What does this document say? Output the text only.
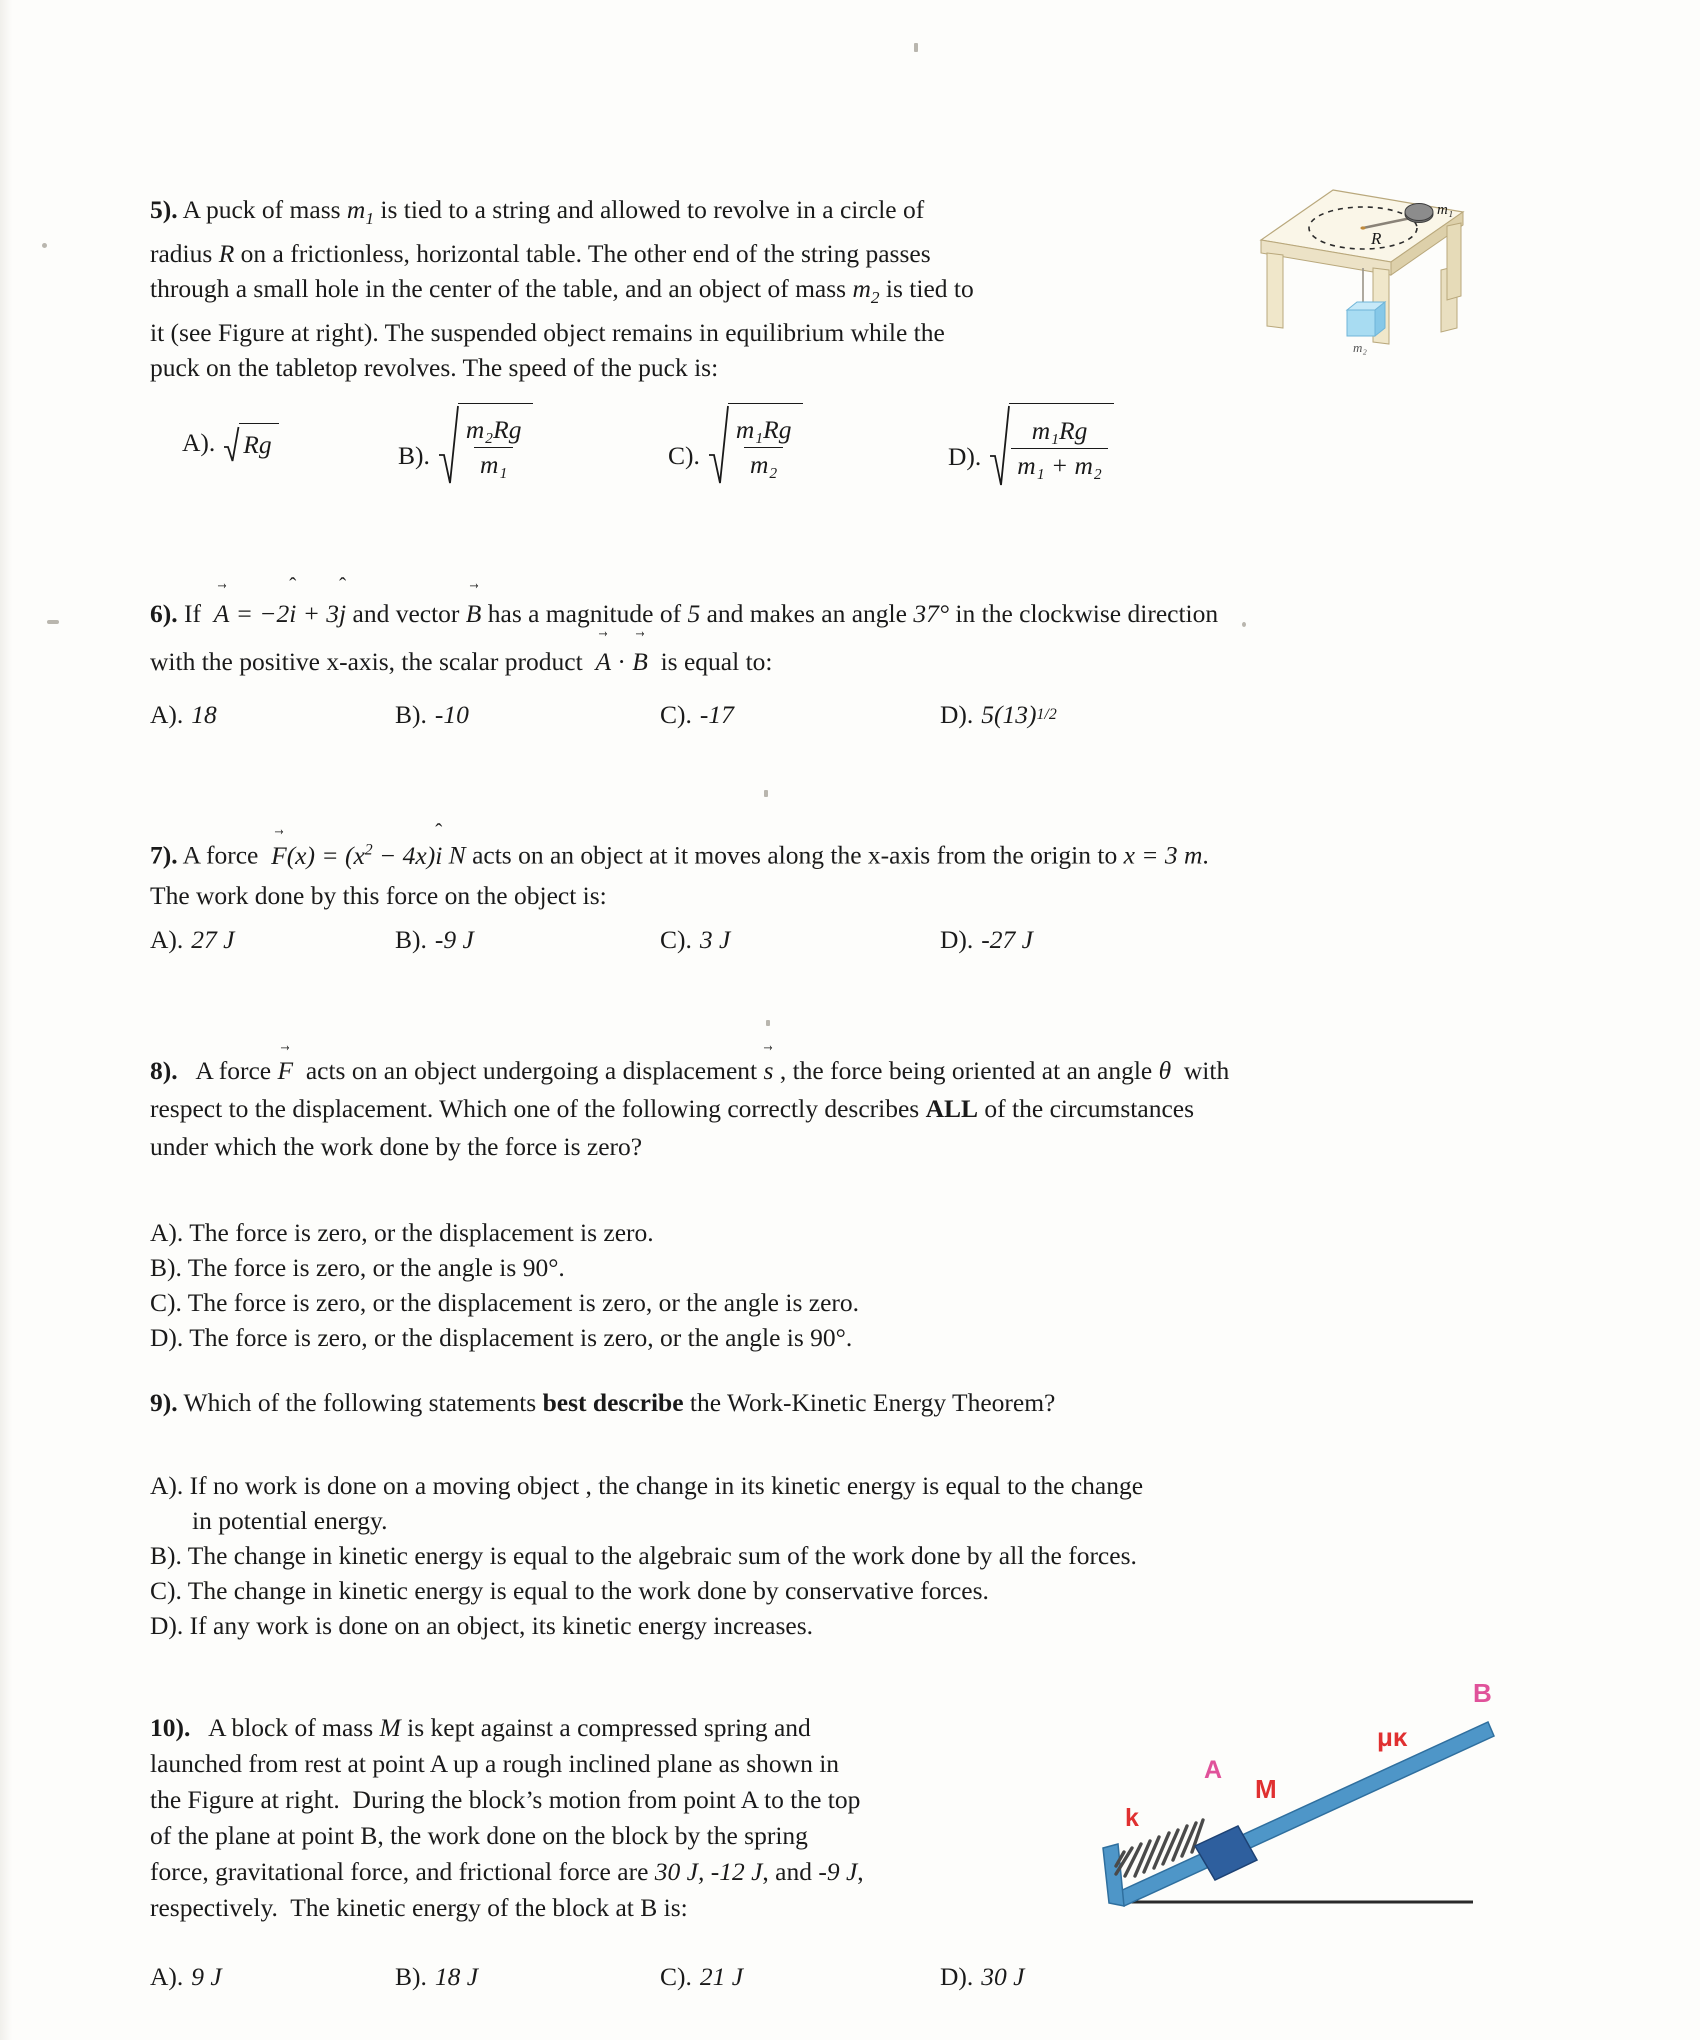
5). A puck of mass $m_1$ is tied to a string and allowed to revolve in a circle of
radius R on a frictionless, horizontal table. The other end of the string passes
through a small hole in the center of the table, and an object of mass $m_2$ is tied to
it (see Figure at right). The suspended object remains in equilibrium while the
puck on the tabletop revolves. The speed of the puck is:
A). Rg	B). $\frac{\text{m₂Rg}}{\text{m₁}}$	C). $\frac{\text{m₁Rg}}{\text{m₂}}$	D). $\frac{\text{m₁Rg}}{\text{m₁ + m₂}}$
m₁
R
m₂
6). If  A → = −2i ˆ + 3j ˆ and vector B → has a magnitude of 5 and makes an angle 37° in the clockwise direction
with the positive x-axis, the scalar product  A → · B →  is equal to:
A). 18	B). -10	C). -17	D). 5(13) 1/2
7). A force  $F \to(x) = (x^2 - 4x)i$ ˆ N acts on an object at it moves along the x-axis from the origin to x = 3 m.
The work done by this force on the object is:
A). 27 J	B). -9 J	C). 3 J	D). -27 J
8).   A force F →  acts on an object undergoing a displacement s → , the force being oriented at an angle θ  with
respect to the displacement. Which one of the following correctly describes ALL of the circumstances
under which the work done by the force is zero?
A). The force is zero, or the displacement is zero.
B). The force is zero, or the angle is 90°.
C). The force is zero, or the displacement is zero, or the angle is zero.
D). The force is zero, or the displacement is zero, or the angle is 90°.
9). Which of the following statements best describe the Work-Kinetic Energy Theorem?
A). If no work is done on a moving object , the change in its kinetic energy is equal to the change
in potential energy.
B). The change in kinetic energy is equal to the algebraic sum of the work done by all the forces.
C). The change in kinetic energy is equal to the work done by conservative forces.
D). If any work is done on an object, its kinetic energy increases.
10).   A block of mass M is kept against a compressed spring and
launched from rest at point A up a rough inclined plane as shown in
the Figure at right.  During the block’s motion from point A to the top
of the plane at point B, the work done on the block by the spring
force, gravitational force, and frictional force are 30 J, -12 J, and -9 J,
respectively.  The kinetic energy of the block at B is:
A). 9 J	B). 18 J	C). 21 J	D). 30 J
B
μκ
A
M
k
